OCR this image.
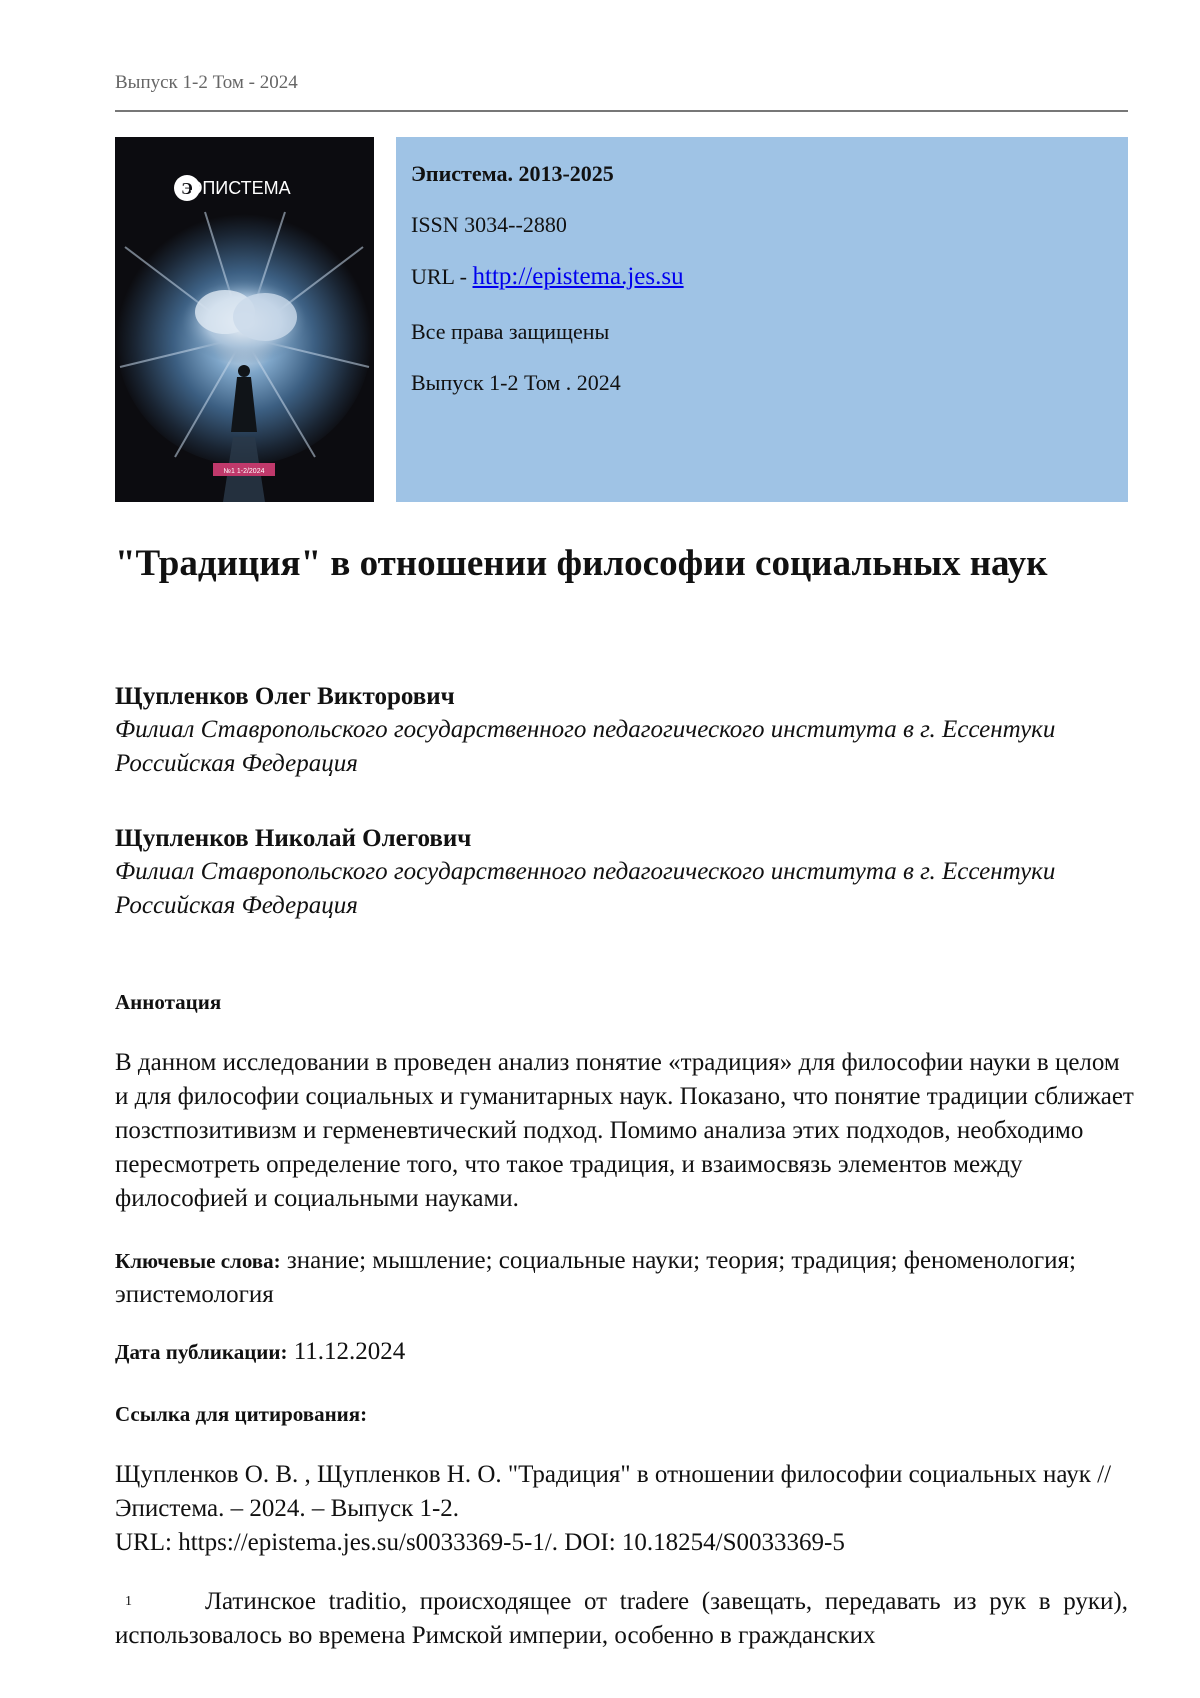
Выпуск 1-2 Том - 2024
Э
ЭПИСТЕМА
№1 1-2/2024
Эпистема. 2013-2025
ISSN 3034--2880
URL - http://epistema.jes.su
Все права защищены
Выпуск 1-2 Том . 2024
"Традиция" в отношении философии социальных наук
Щупленков Олег Викторович
Филиал Ставропольского государственного педагогического института в г. Ессентуки
Российская Федерация
Щупленков Николай Олегович
Филиал Ставропольского государственного педагогического института в г. Ессентуки
Российская Федерация
Аннотация
В данном исследовании в проведен анализ понятие «традиция» для философии науки в целом и для философии социальных и гуманитарных наук. Показано, что понятие традиции сближает позстпозитивизм и герменевтический подход. Помимо анализа этих подходов, необходимо пересмотреть определение того, что такое традиция, и взаимосвязь элементов между философией и социальными науками.
Ключевые слова: знание; мышление; социальные науки; теория; традиция; феноменология; эпистемология
Дата публикации: 11.12.2024
Ссылка для цитирования:
Щупленков О. В. , Щупленков Н. О. "Традиция" в отношении философии социальных наук // Эпистема. – 2024. – Выпуск 1-2.
URL: https://epistema.jes.su/s0033369-5-1/. DOI: 10.18254/S0033369-5
1	Латинское traditio, происходящее от tradere (завещать, передавать из рук в руки), использовалось во времена Римской империи, особенно в гражданских
